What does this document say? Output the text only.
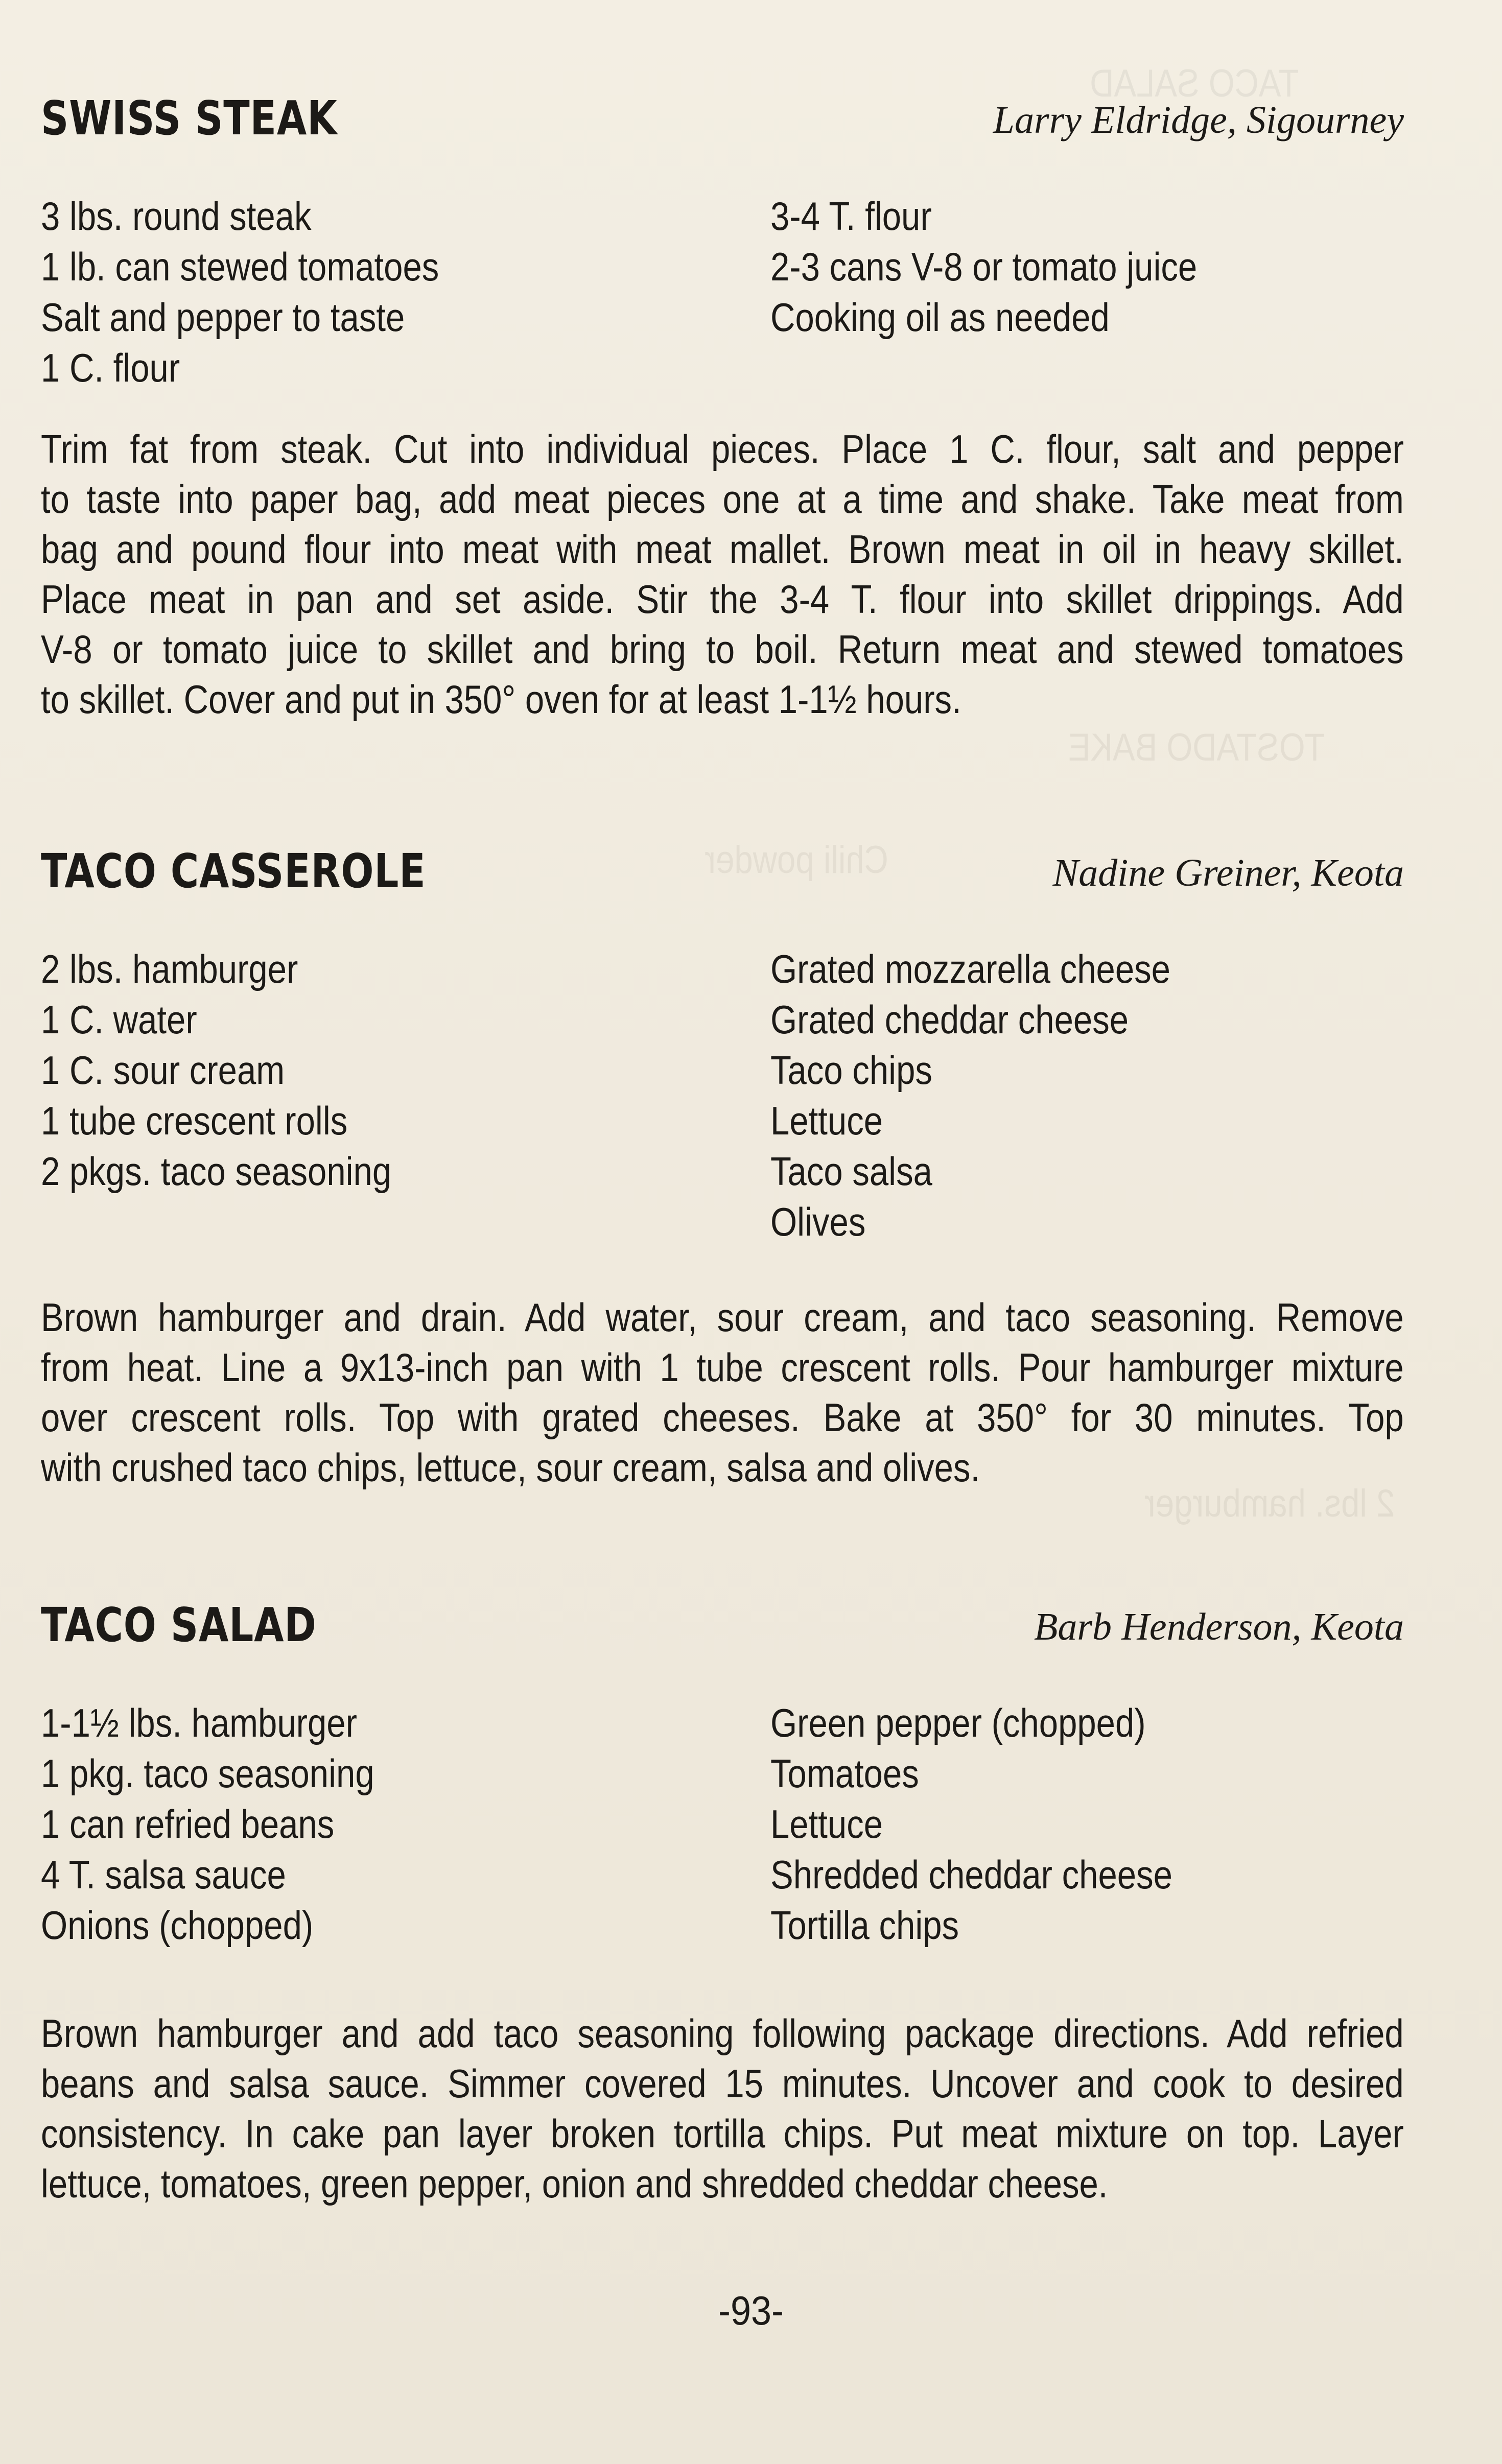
TACO SALAD
TOSTADO BAKE
Chili powder
2 lbs. hamburger
SWISS STEAK	Larry Eldridge, Sigourney
3 lbs. round steak
1 lb. can stewed tomatoes
Salt and pepper to taste
1 C. flour
3-4 T. flour
2-3 cans V-8 or tomato juice
Cooking oil as needed
Trim fat from steak. Cut into individual pieces. Place 1 C. flour, salt and pepper
to taste into paper bag, add meat pieces one at a time and shake. Take meat from
bag and pound flour into meat with meat mallet. Brown meat in oil in heavy skillet.
Place meat in pan and set aside. Stir the 3-4 T. flour into skillet drippings. Add
V-8 or tomato juice to skillet and bring to boil. Return meat and stewed tomatoes
to skillet. Cover and put in 350° oven for at least 1-1½ hours.
TACO CASSEROLE	Nadine Greiner, Keota
2 lbs. hamburger
1 C. water
1 C. sour cream
1 tube crescent rolls
2 pkgs. taco seasoning
Grated mozzarella cheese
Grated cheddar cheese
Taco chips
Lettuce
Taco salsa
Olives
Brown hamburger and drain. Add water, sour cream, and taco seasoning. Remove
from heat. Line a 9x13-inch pan with 1 tube crescent rolls. Pour hamburger mixture
over crescent rolls. Top with grated cheeses. Bake at 350° for 30 minutes. Top
with crushed taco chips, lettuce, sour cream, salsa and olives.
TACO SALAD	Barb Henderson, Keota
1-1½ lbs. hamburger
1 pkg. taco seasoning
1 can refried beans
4 T. salsa sauce
Onions (chopped)
Green pepper (chopped)
Tomatoes
Lettuce
Shredded cheddar cheese
Tortilla chips
Brown hamburger and add taco seasoning following package directions. Add refried
beans and salsa sauce. Simmer covered 15 minutes. Uncover and cook to desired
consistency. In cake pan layer broken tortilla chips. Put meat mixture on top. Layer
lettuce, tomatoes, green pepper, onion and shredded cheddar cheese.
-93-
